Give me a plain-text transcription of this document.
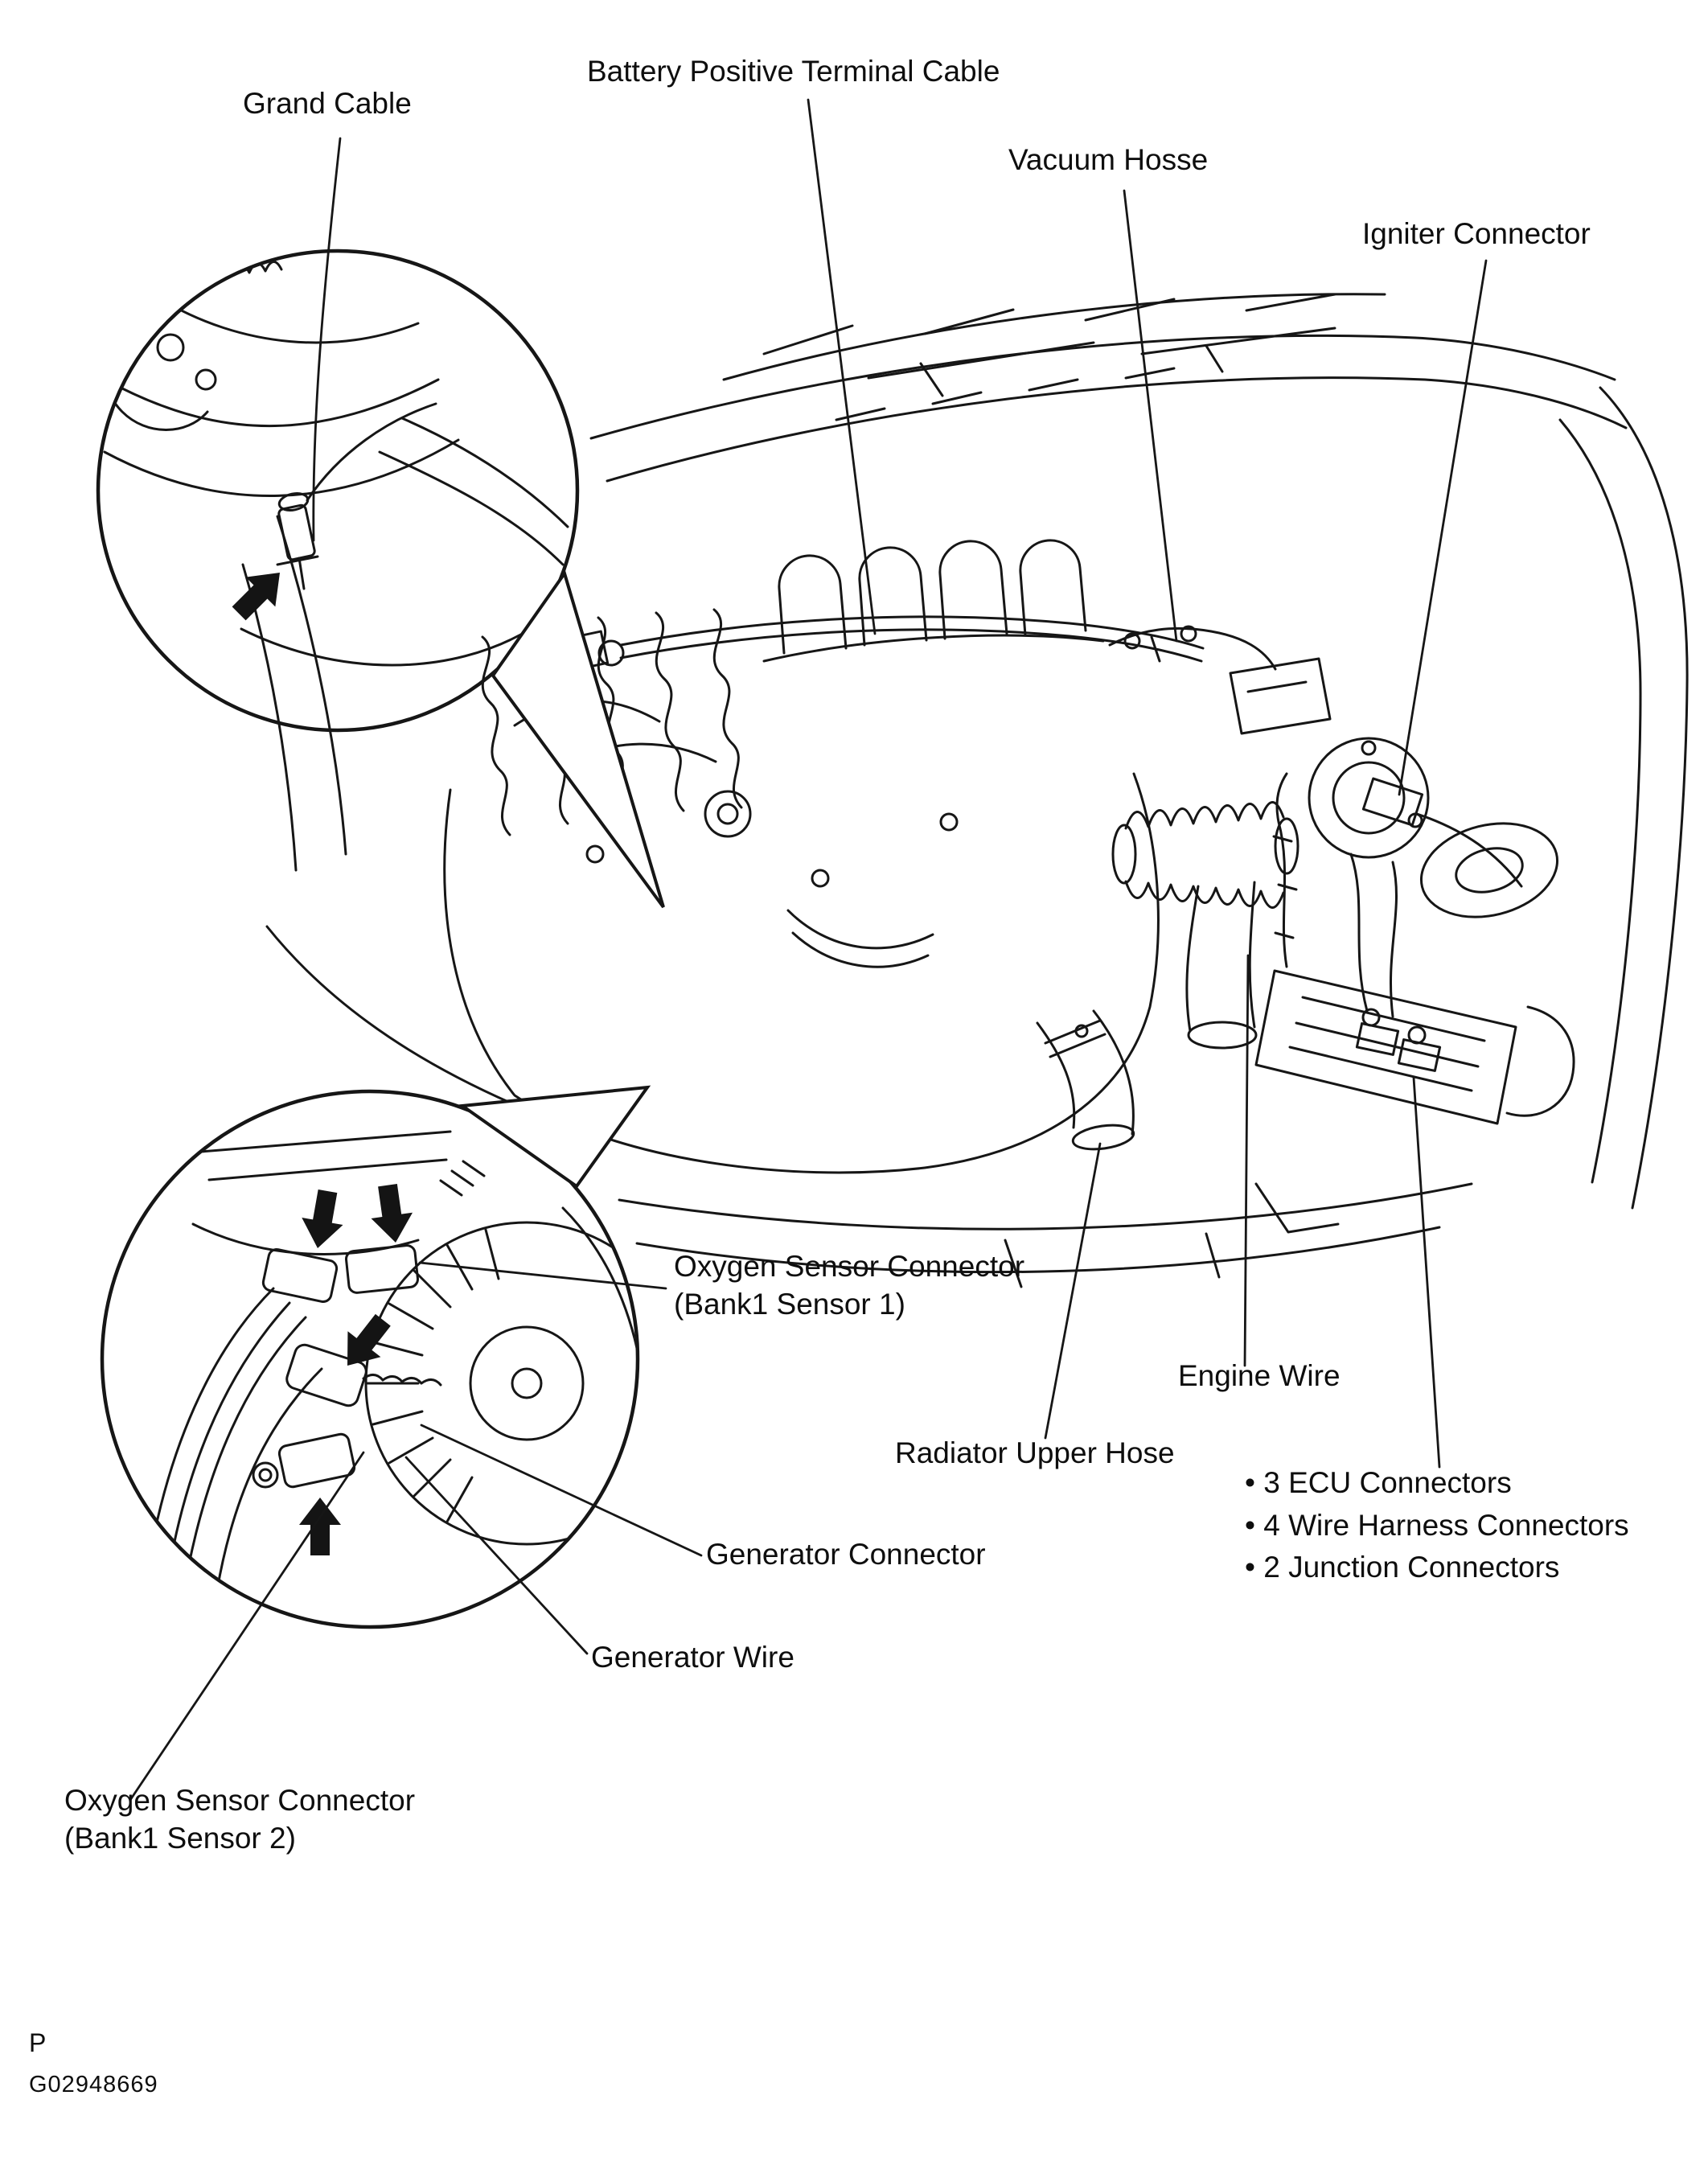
Grand Cable
Battery Positive Terminal Cable
Vacuum Hosse
Igniter Connector
Oxygen Sensor Connector
(Bank1 Sensor 1)
Engine Wire
Radiator Upper Hose
• 3 ECU Connectors
• 4 Wire Harness Connectors
• 2 Junction Connectors
Generator Connector
Generator Wire
Oxygen Sensor Connector
(Bank1 Sensor 2)
P
G02948669
